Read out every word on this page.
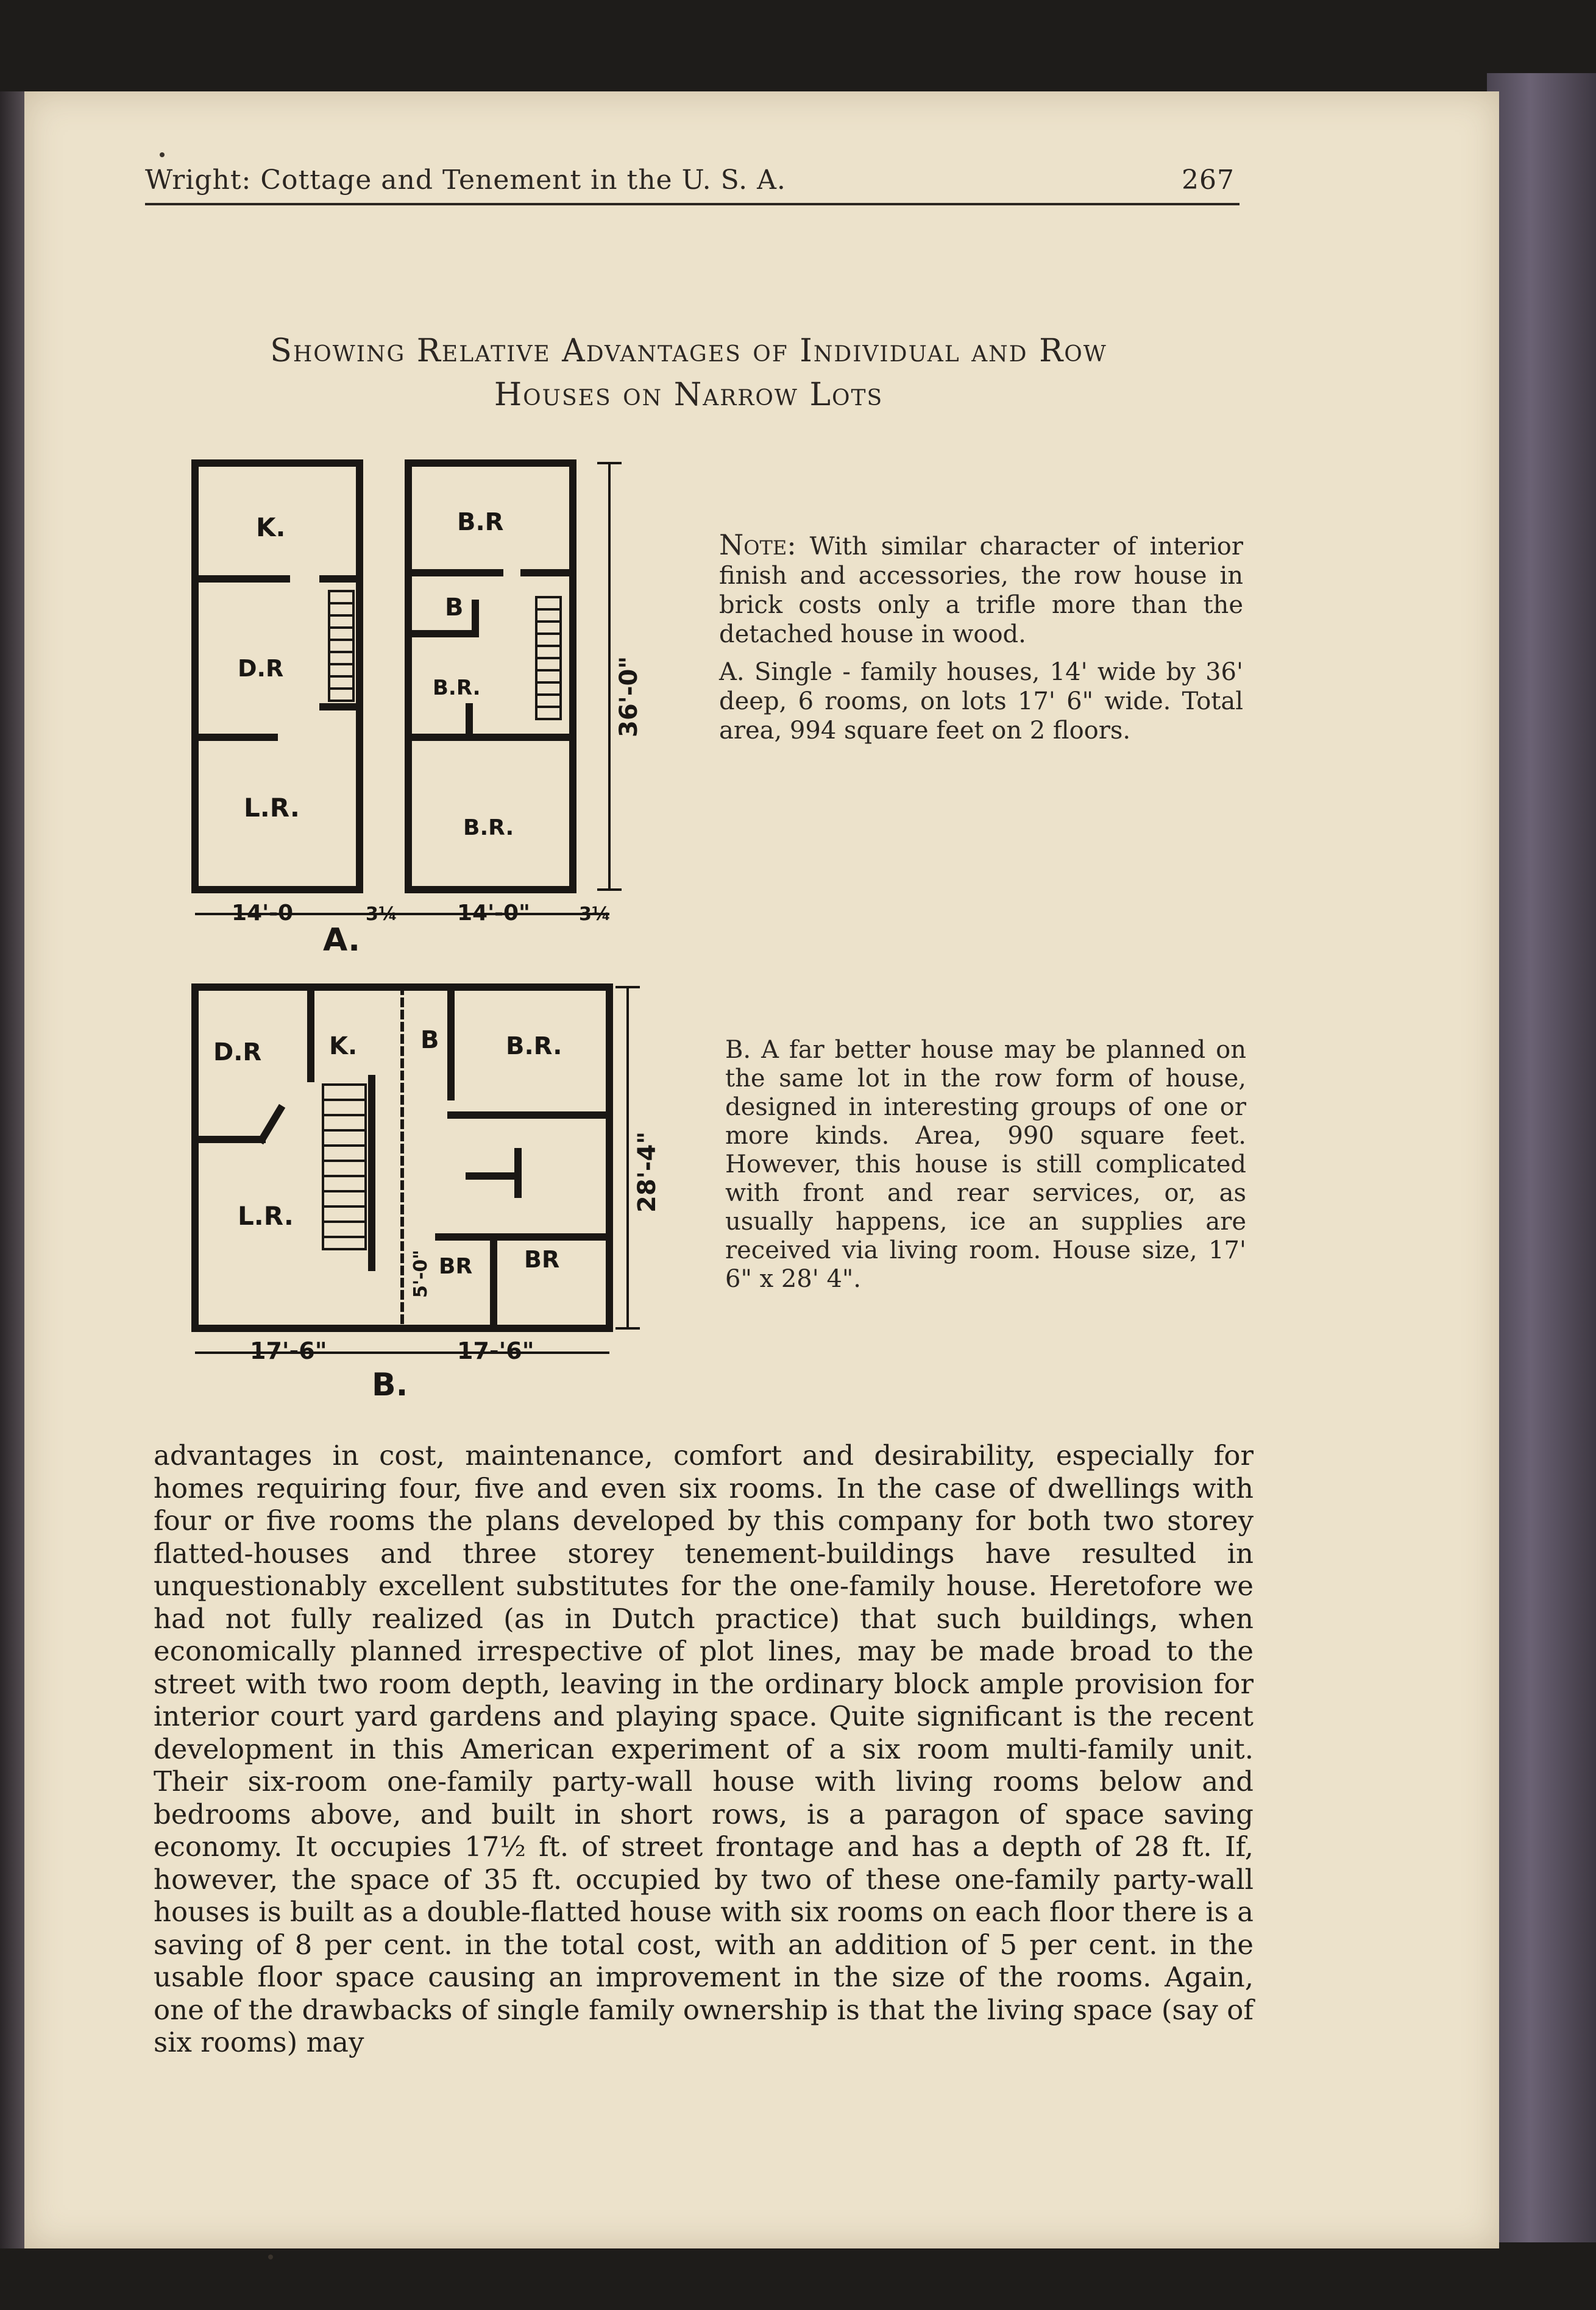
Wright: Cottage and Tenement in the U. S. A.	267
Showing Relative Advantages of Individual and Row
Houses on Narrow Lots
K.
D.R
L.R.
B.R
B
B.R.
B.R.
36'-0"
14'-0	3¼	14'-0"	3¼
A.

Note: With similar character of interior finish and accessories, the row house in brick costs only a trifle more than the detached house in wood.

A. Single - family houses, 14' wide by 36' deep, 6 rooms, on lots 17' 6" wide. Total area, 994 square feet on 2 floors.

D.R	K.	B	B.R.
L.R.
BR BR
28'-4"
5'-0"
17'-6"	17-'6"
B.

B. A far better house may be planned on the same lot in the row form of house, designed in interesting groups of one or more kinds. Area, 990 square feet. However, this house is still complicated with front and rear services, or, as usually happens, ice an supplies are received via living room. House size, 17' 6" x 28' 4".

advantages in cost, maintenance, comfort and desirability, especially for homes requiring four, five and even six rooms. In the case of dwellings with four or five rooms the plans developed by this company for both two storey flatted-houses and three storey tenement-buildings have resulted in unquestionably excellent substitutes for the one-family house. Heretofore we had not fully realized (as in Dutch practice) that such buildings, when economically planned irrespective of plot lines, may be made broad to the street with two room depth, leaving in the ordinary block ample provision for interior court yard gardens and playing space. Quite significant is the recent development in this American experiment of a six room multi-family unit. Their six-room one-family party-wall house with living rooms below and bedrooms above, and built in short rows, is a paragon of space saving economy. It occupies 17½ ft. of street frontage and has a depth of 28 ft. If, however, the space of 35 ft. occupied by two of these one-family party-wall houses is built as a double-flatted house with six rooms on each floor there is a saving of 8 per cent. in the total cost, with an addition of 5 per cent. in the usable floor space causing an improvement in the size of the rooms. Again, one of the drawbacks of single family ownership is that the living space (say of six rooms) may
